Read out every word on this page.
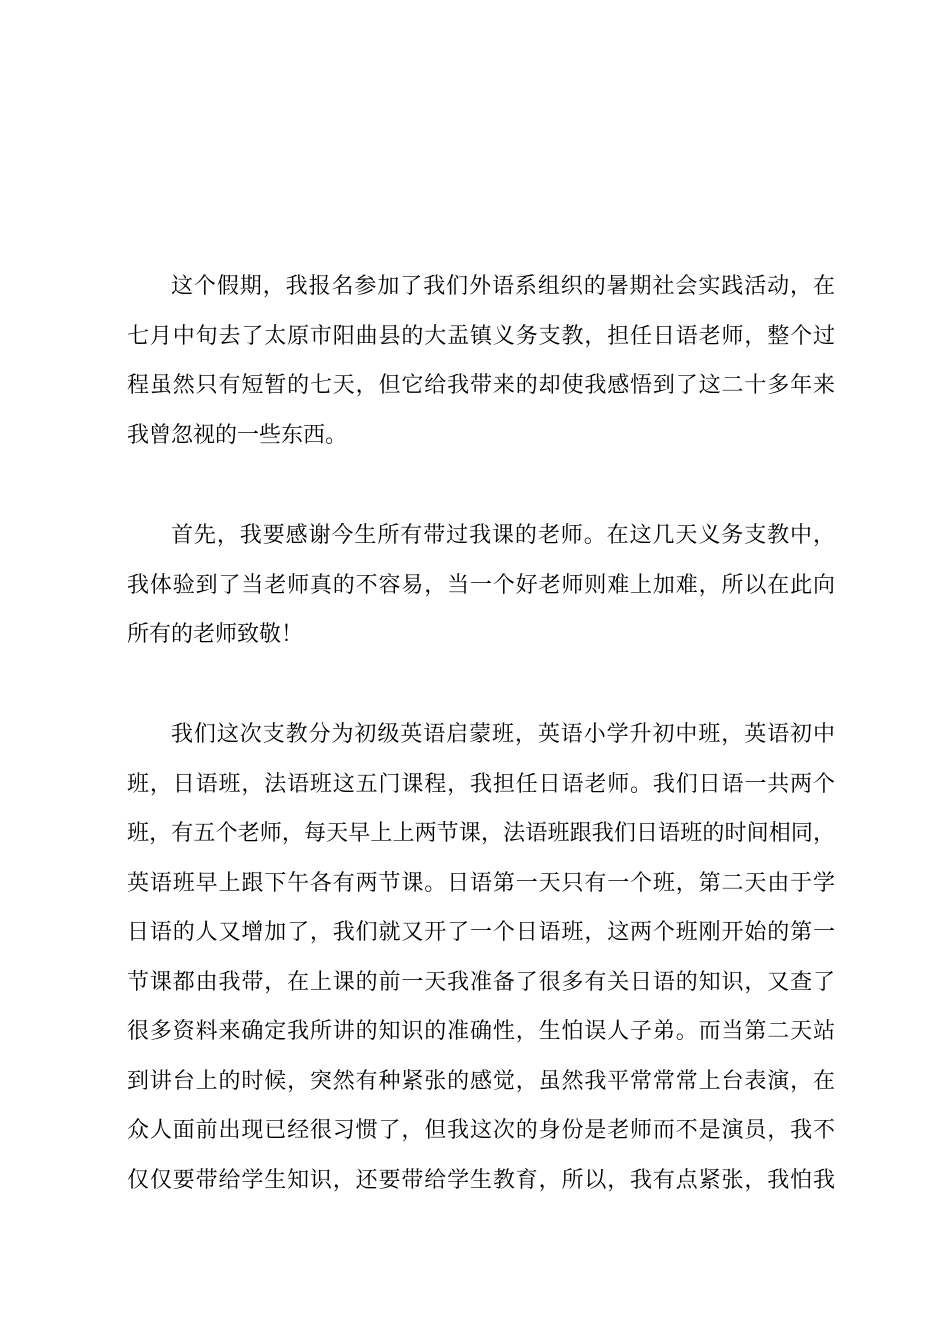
这个假期，我报名参加了我们外语系组织的暑期社会实践活动，在
七月中旬去了太原市阳曲县的大盂镇义务支教，担任日语老师，整个过
程虽然只有短暂的七天，但它给我带来的却使我感悟到了这二十多年来
我曾忽视的一些东西。
首先，我要感谢今生所有带过我课的老师。在这几天义务支教中，
我体验到了当老师真的不容易，当一个好老师则难上加难，所以在此向
所有的老师致敬！
我们这次支教分为初级英语启蒙班，英语小学升初中班，英语初中
班，日语班，法语班这五门课程，我担任日语老师。我们日语一共两个
班，有五个老师，每天早上上两节课，法语班跟我们日语班的时间相同，
英语班早上跟下午各有两节课。日语第一天只有一个班，第二天由于学
日语的人又增加了，我们就又开了一个日语班，这两个班刚开始的第一
节课都由我带，在上课的前一天我准备了很多有关日语的知识，又查了
很多资料来确定我所讲的知识的准确性，生怕误人子弟。而当第二天站
到讲台上的时候，突然有种紧张的感觉，虽然我平常常常上台表演，在
众人面前出现已经很习惯了，但我这次的身份是老师而不是演员，我不
仅仅要带给学生知识，还要带给学生教育，所以，我有点紧张，我怕我
